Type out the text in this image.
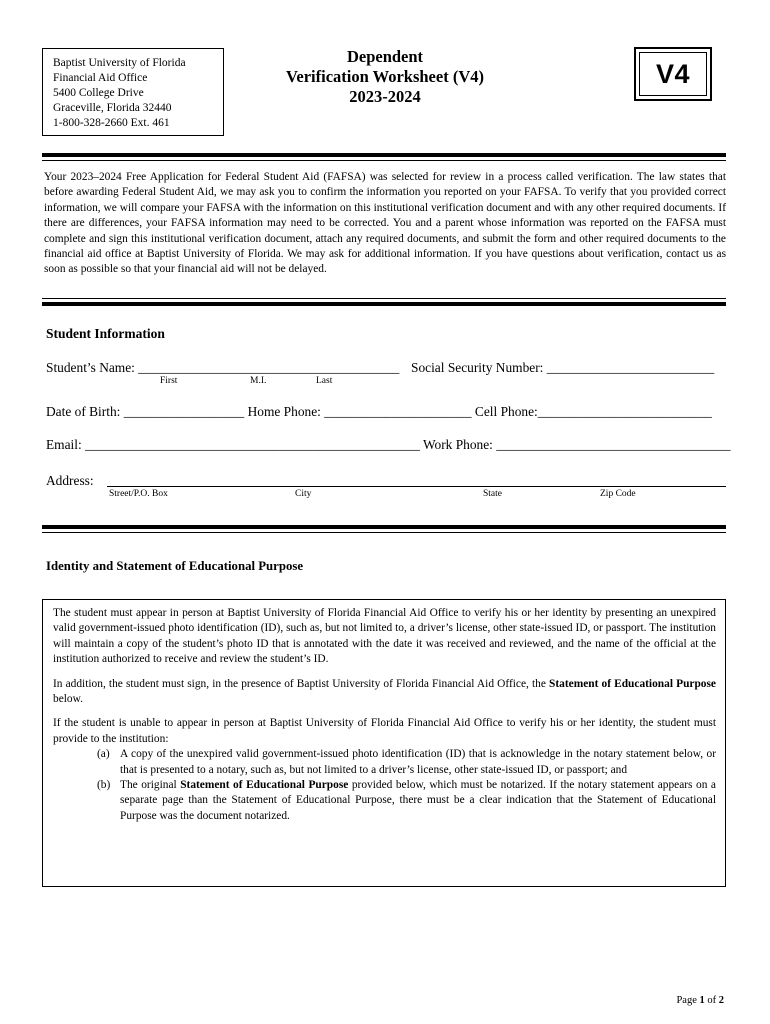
Baptist University of Florida
Financial Aid Office
5400 College Drive
Graceville, Florida 32440
1-800-328-2660 Ext. 461
Dependent
Verification Worksheet (V4)
2023-2024
V4
Your 2023–2024 Free Application for Federal Student Aid (FAFSA) was selected for review in a process called verification. The law states that before awarding Federal Student Aid, we may ask you to confirm the information you reported on your FAFSA. To verify that you provided correct information, we will compare your FAFSA with the information on this institutional verification document and with any other required documents. If there are differences, your FAFSA information may need to be corrected. You and a parent whose information was reported on the FAFSA must complete and sign this institutional verification document, attach any required documents, and submit the form and other required documents to the financial aid office at Baptist University of Florida. We may ask for additional information. If you have questions about verification, contact us as soon as possible so that your financial aid will not be delayed.
Student Information
Student’s Name: _______________________________________ Social Security Number: _________________________
First	M.I.	Last
Date of Birth: __________________ Home Phone: ______________________ Cell Phone:__________________________
Email: __________________________________________________ Work Phone: ___________________________________
Address:
Street/P.O. Box	City	State	Zip Code
Identity and Statement of Educational Purpose

The student must appear in person at Baptist University of Florida Financial Aid Office to verify his or her identity by presenting an unexpired valid government-issued photo identification (ID), such as, but not limited to, a driver’s license, other state-issued ID, or passport. The institution will maintain a copy of the student’s photo ID that is annotated with the date it was received and reviewed, and the name of the official at the institution authorized to receive and review the student’s ID.

In addition, the student must sign, in the presence of Baptist University of Florida Financial Aid Office, the Statement of Educational Purpose below.

If the student is unable to appear in person at Baptist University of Florida Financial Aid Office to verify his or her identity, the student must provide to the institution:

(a) A copy of the unexpired valid government-issued photo identification (ID) that is acknowledge in the notary statement below, or that is presented to a notary, such as, but not limited to a driver’s license, other state-issued ID, or passport; and
(b) The original Statement of Educational Purpose provided below, which must be notarized. If the notary statement appears on a separate page than the Statement of Educational Purpose, there must be a clear indication that the Statement of Educational Purpose was the document notarized.
Page 1 of 2
